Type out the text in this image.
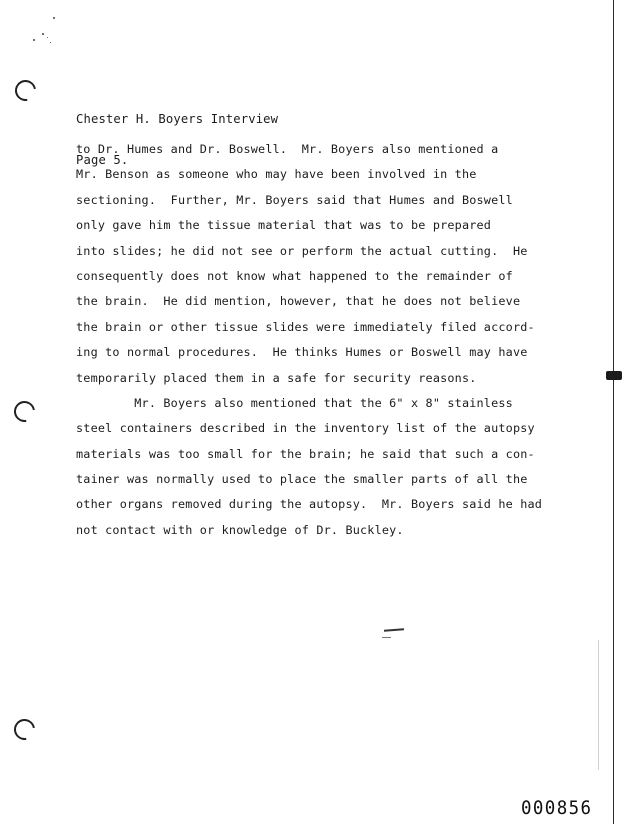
Chester H. Boyers Interview

Page 5.

to Dr. Humes and Dr. Boswell.  Mr. Boyers also mentioned a
Mr. Benson as someone who may have been involved in the
sectioning.  Further, Mr. Boyers said that Humes and Boswell
only gave him the tissue material that was to be prepared
into slides; he did not see or perform the actual cutting.  He
consequently does not know what happened to the remainder of
the brain.  He did mention, however, that he does not believe
the brain or other tissue slides were immediately filed accord-
ing to normal procedures.  He thinks Humes or Boswell may have
temporarily placed them in a safe for security reasons.
Mr. Boyers also mentioned that the 6" x 8" stainless
steel containers described in the inventory list of the autopsy
materials was too small for the brain; he said that such a con-
tainer was normally used to place the smaller parts of all the
other organs removed during the autopsy.  Mr. Boyers said he had
not contact with or knowledge of Dr. Buckley.
000856
